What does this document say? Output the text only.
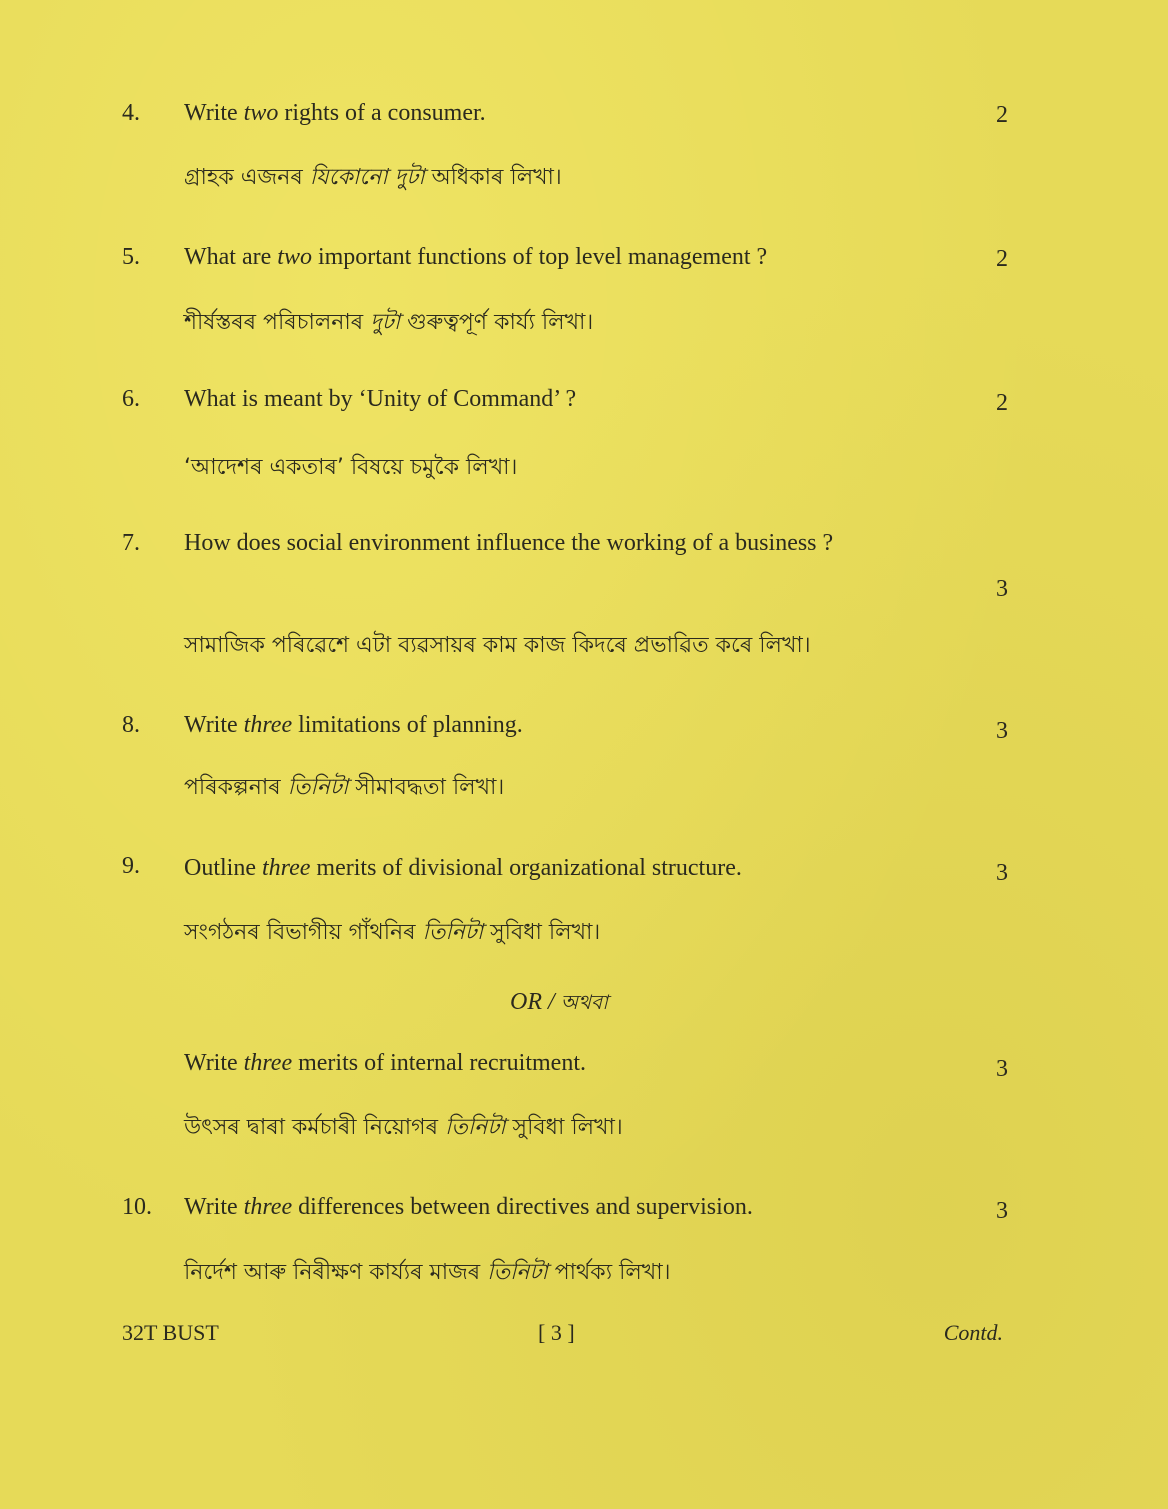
4. Write two rights of a consumer.	2
গ্ৰাহক এজনৰ যিকোনো দুটা অধিকাৰ লিখা।
5. What are two important functions of top level management ?	2
শীৰ্ষস্তৰৰ পৰিচালনাৰ দুটা গুৰুত্বপূৰ্ণ কাৰ্য্য লিখা।
6. What is meant by ‘Unity of Command’ ?	2
‘আদেশৰ একতাৰ’ বিষয়ে চমুকৈ লিখা।
7. How does social environment influence the working of a business ?
3
সামাজিক পৰিৱেশে এটা ব্যৱসায়ৰ কাম কাজ কিদৰে প্ৰভাৱিত কৰে লিখা।
8. Write three limitations of planning.	3
পৰিকল্পনাৰ তিনিটা সীমাবদ্ধতা লিখা।
9. Outline three merits of divisional organizational structure.	3
সংগঠনৰ বিভাগীয় গাঁথনিৰ তিনিটা সুবিধা লিখা।
OR / অথবা
Write three merits of internal recruitment.	3
উৎসৰ দ্বাৰা কৰ্মচাৰী নিয়োগৰ তিনিটা সুবিধা লিখা।
10. Write three differences between directives and supervision.	3
নিৰ্দেশ আৰু নিৰীক্ষণ কাৰ্য্যৰ মাজৰ তিনিটা পাৰ্থক্য লিখা।
32T BUST	[ 3 ]	Contd.
